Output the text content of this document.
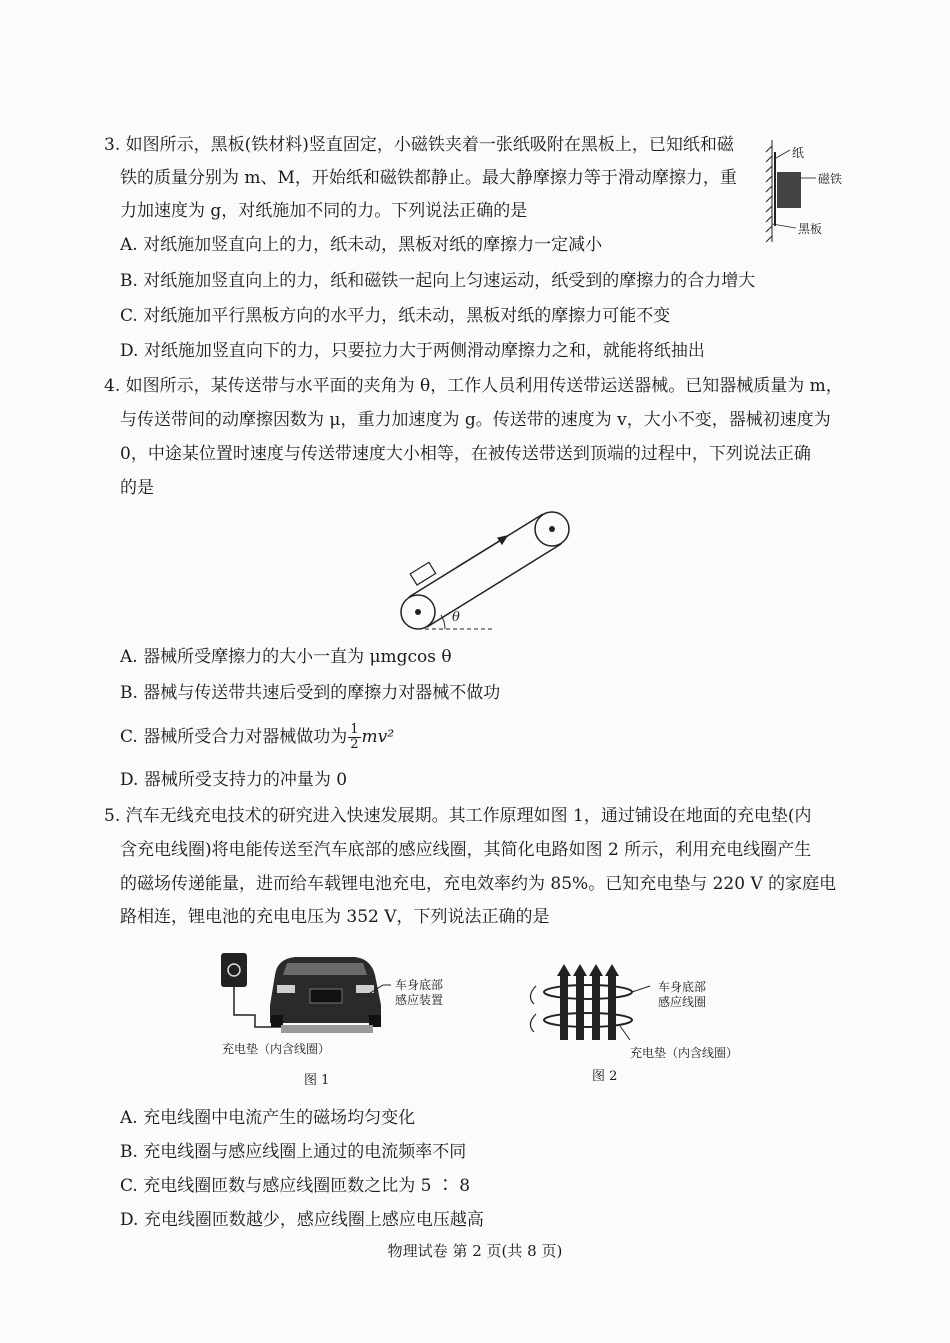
3. 如图所示，黑板(铁材料)竖直固定，小磁铁夹着一张纸吸附在黑板上，已知纸和磁
铁的质量分别为 m、M，开始纸和磁铁都静止。最大静摩擦力等于滑动摩擦力，重
力加速度为 g，对纸施加不同的力。下列说法正确的是
A. 对纸施加竖直向上的力，纸未动，黑板对纸的摩擦力一定减小
B. 对纸施加竖直向上的力，纸和磁铁一起向上匀速运动，纸受到的摩擦力的合力增大
C. 对纸施加平行黑板方向的水平力，纸未动，黑板对纸的摩擦力可能不变
D. 对纸施加竖直向下的力，只要拉力大于两侧滑动摩擦力之和，就能将纸抽出
纸
磁铁
黑板
4. 如图所示，某传送带与水平面的夹角为 θ，工作人员利用传送带运送器械。已知器械质量为 m，
与传送带间的动摩擦因数为 μ，重力加速度为 g。传送带的速度为 v，大小不变，器械初速度为
0，中途某位置时速度与传送带速度大小相等，在被传送带送到顶端的过程中，下列说法正确
的是
θ
A. 器械所受摩擦力的大小一直为 μmgcos θ
B. 器械与传送带共速后受到的摩擦力对器械不做功
C. 器械所受合力对器械做功为 $\frac{1}{2} mv^2$
D. 器械所受支持力的冲量为 0
5. 汽车无线充电技术的研究进入快速发展期。其工作原理如图 1，通过铺设在地面的充电垫(内
含充电线圈)将电能传送至汽车底部的感应线圈，其简化电路如图 2 所示，利用充电线圈产生
的磁场传递能量，进而给车载锂电池充电，充电效率约为 85%。已知充电垫与 220 V 的家庭电
路相连，锂电池的充电电压为 352 V，下列说法正确的是
车身底部
感应装置
充电垫（内含线圈）
图 1
车身底部
感应线圈
充电垫（内含线圈）
图 2
A. 充电线圈中电流产生的磁场均匀变化
B. 充电线圈与感应线圈上通过的电流频率不同
C. 充电线圈匝数与感应线圈匝数之比为 5 ∶ 8
D. 充电线圈匝数越少，感应线圈上感应电压越高
物理试卷 第 2 页(共 8 页)
